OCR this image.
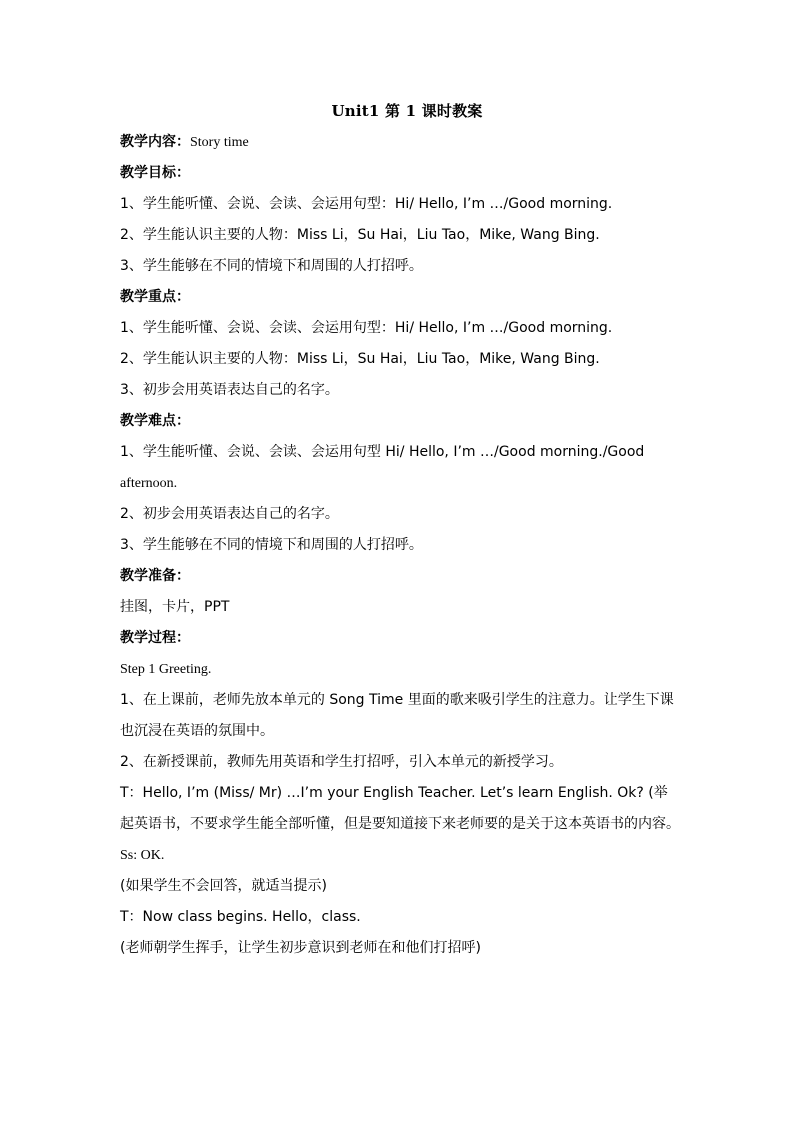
Unit1 第 1 课时教案

教学内容：Story time

教学目标：

1、学生能听懂、会说、会读、会运用句型：Hi/ Hello, I’m …/Good morning.

2、学生能认识主要的人物：Miss Li，Su Hai，Liu Tao，Mike, Wang Bing.

3、学生能够在不同的情境下和周围的人打招呼。

教学重点：

1、学生能听懂、会说、会读、会运用句型：Hi/ Hello, I’m …/Good morning.

2、学生能认识主要的人物：Miss Li，Su Hai，Liu Tao，Mike, Wang Bing.

3、初步会用英语表达自己的名字。

教学难点：

1、学生能听懂、会说、会读、会运用句型 Hi/ Hello, I’m …/Good morning./Good

afternoon.

2、初步会用英语表达自己的名字。

3、学生能够在不同的情境下和周围的人打招呼。

教学准备：

挂图，卡片，PPT

教学过程：

Step 1 Greeting.

1、在上课前，老师先放本单元的 Song Time 里面的歌来吸引学生的注意力。让学生下课也沉浸在英语的氛围中。

2、在新授课前，教师先用英语和学生打招呼，引入本单元的新授学习。

T：Hello, I’m (Miss/ Mr) …I’m your English Teacher. Let’s learn English. Ok? (举起英语书，不要求学生能全部听懂，但是要知道接下来老师要的是关于这本英语书的内容。

Ss: OK.

(如果学生不会回答，就适当提示)

T：Now class begins. Hello，class.

(老师朝学生挥手，让学生初步意识到老师在和他们打招呼)
